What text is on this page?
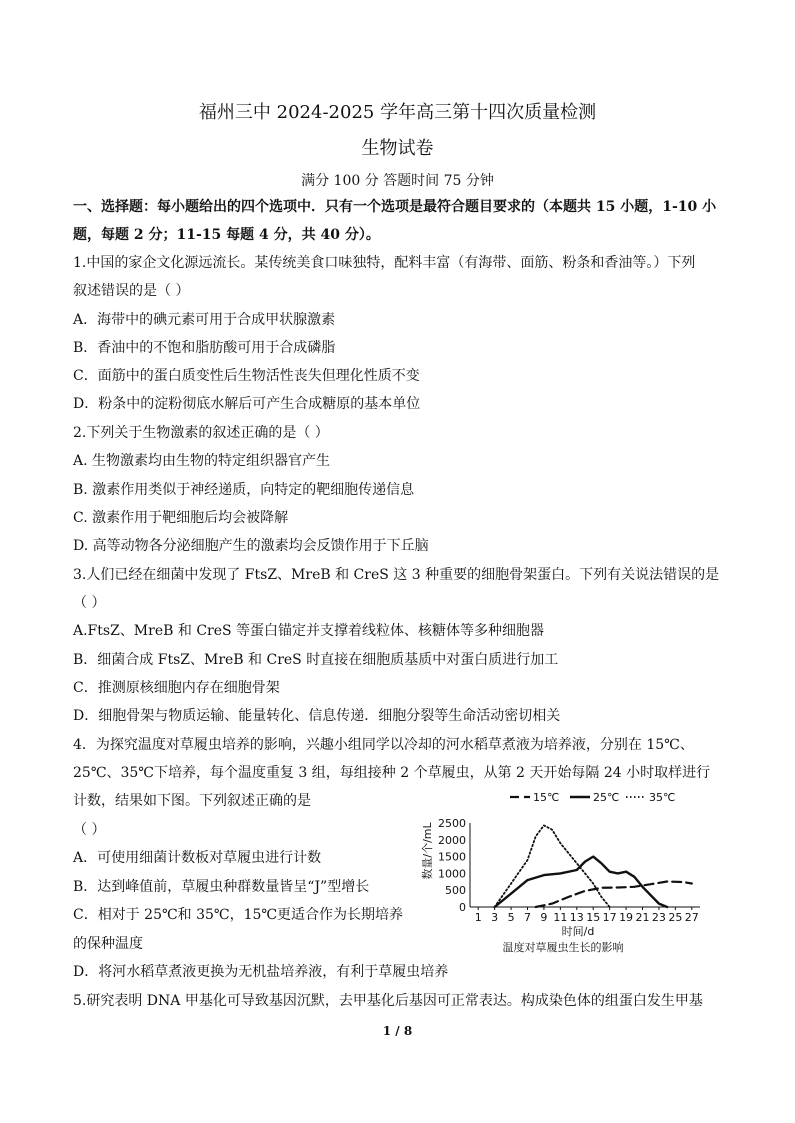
福州三中 2024-2025 学年高三第十四次质量检测
生物试卷
满分 100 分 答题时间 75 分钟
一、选择题：每小题给出的四个选项中．只有一个选项是最符合题目要求的（本题共 15 小题，1-10 小
题，每题 2 分；11-15 每题 4 分，共 40 分）。
1.中国的家企文化源远流长。某传统美食口味独特，配料丰富（有海带、面筋、粉条和香油等。）下列
叙述错误的是（ ）
A．海带中的碘元素可用于合成甲状腺激素
B．香油中的不饱和脂肪酸可用于合成磷脂
C．面筋中的蛋白质变性后生物活性丧失但理化性质不变
D．粉条中的淀粉彻底水解后可产生合成糖原的基本单位
2.下列关于生物激素的叙述正确的是（ ）
A. 生物激素均由生物的特定组织器官产生
B. 激素作用类似于神经递质，向特定的靶细胞传递信息
C. 激素作用于靶细胞后均会被降解
D. 高等动物各分泌细胞产生的激素均会反馈作用于下丘脑
3.人们已经在细菌中发现了 FtsZ、MreB 和 CreS 这 3 种重要的细胞骨架蛋白。下列有关说法错误的是
（ ）
A.FtsZ、MreB 和 CreS 等蛋白锚定并支撑着线粒体、核糖体等多种细胞器
B．细菌合成 FtsZ、MreB 和 CreS 时直接在细胞质基质中对蛋白质进行加工
C．推测原核细胞内存在细胞骨架
D．细胞骨架与物质运输、能量转化、信息传递．细胞分裂等生命活动密切相关
4．为探究温度对草履虫培养的影响，兴趣小组同学以冷却的河水稻草煮液为培养液，分别在 15℃、
25℃、35℃下培养，每个温度重复 3 组，每组接种 2 个草履虫，从第 2 天开始每隔 24 小时取样进行
计数，结果如下图。下列叙述正确的是
（ ）
A．可使用细菌计数板对草履虫进行计数
B．达到峰值前，草履虫种群数量皆呈“J”型增长
C．相对于 25℃和 35℃，15℃更适合作为长期培养
的保种温度
D．将河水稻草煮液更换为无机盐培养液，有利于草履虫培养
5.研究表明 DNA 甲基化可导致基因沉默，去甲基化后基因可正常表达。构成染色体的组蛋白发生甲基
15℃	25℃	35℃
0
500
1000
1500
2000
2500
1 3 5 7 9 11 13 15 17 19 21 23 25 27
数量/个/mL
时间/d
温度对草履虫生长的影响
1 / 8
